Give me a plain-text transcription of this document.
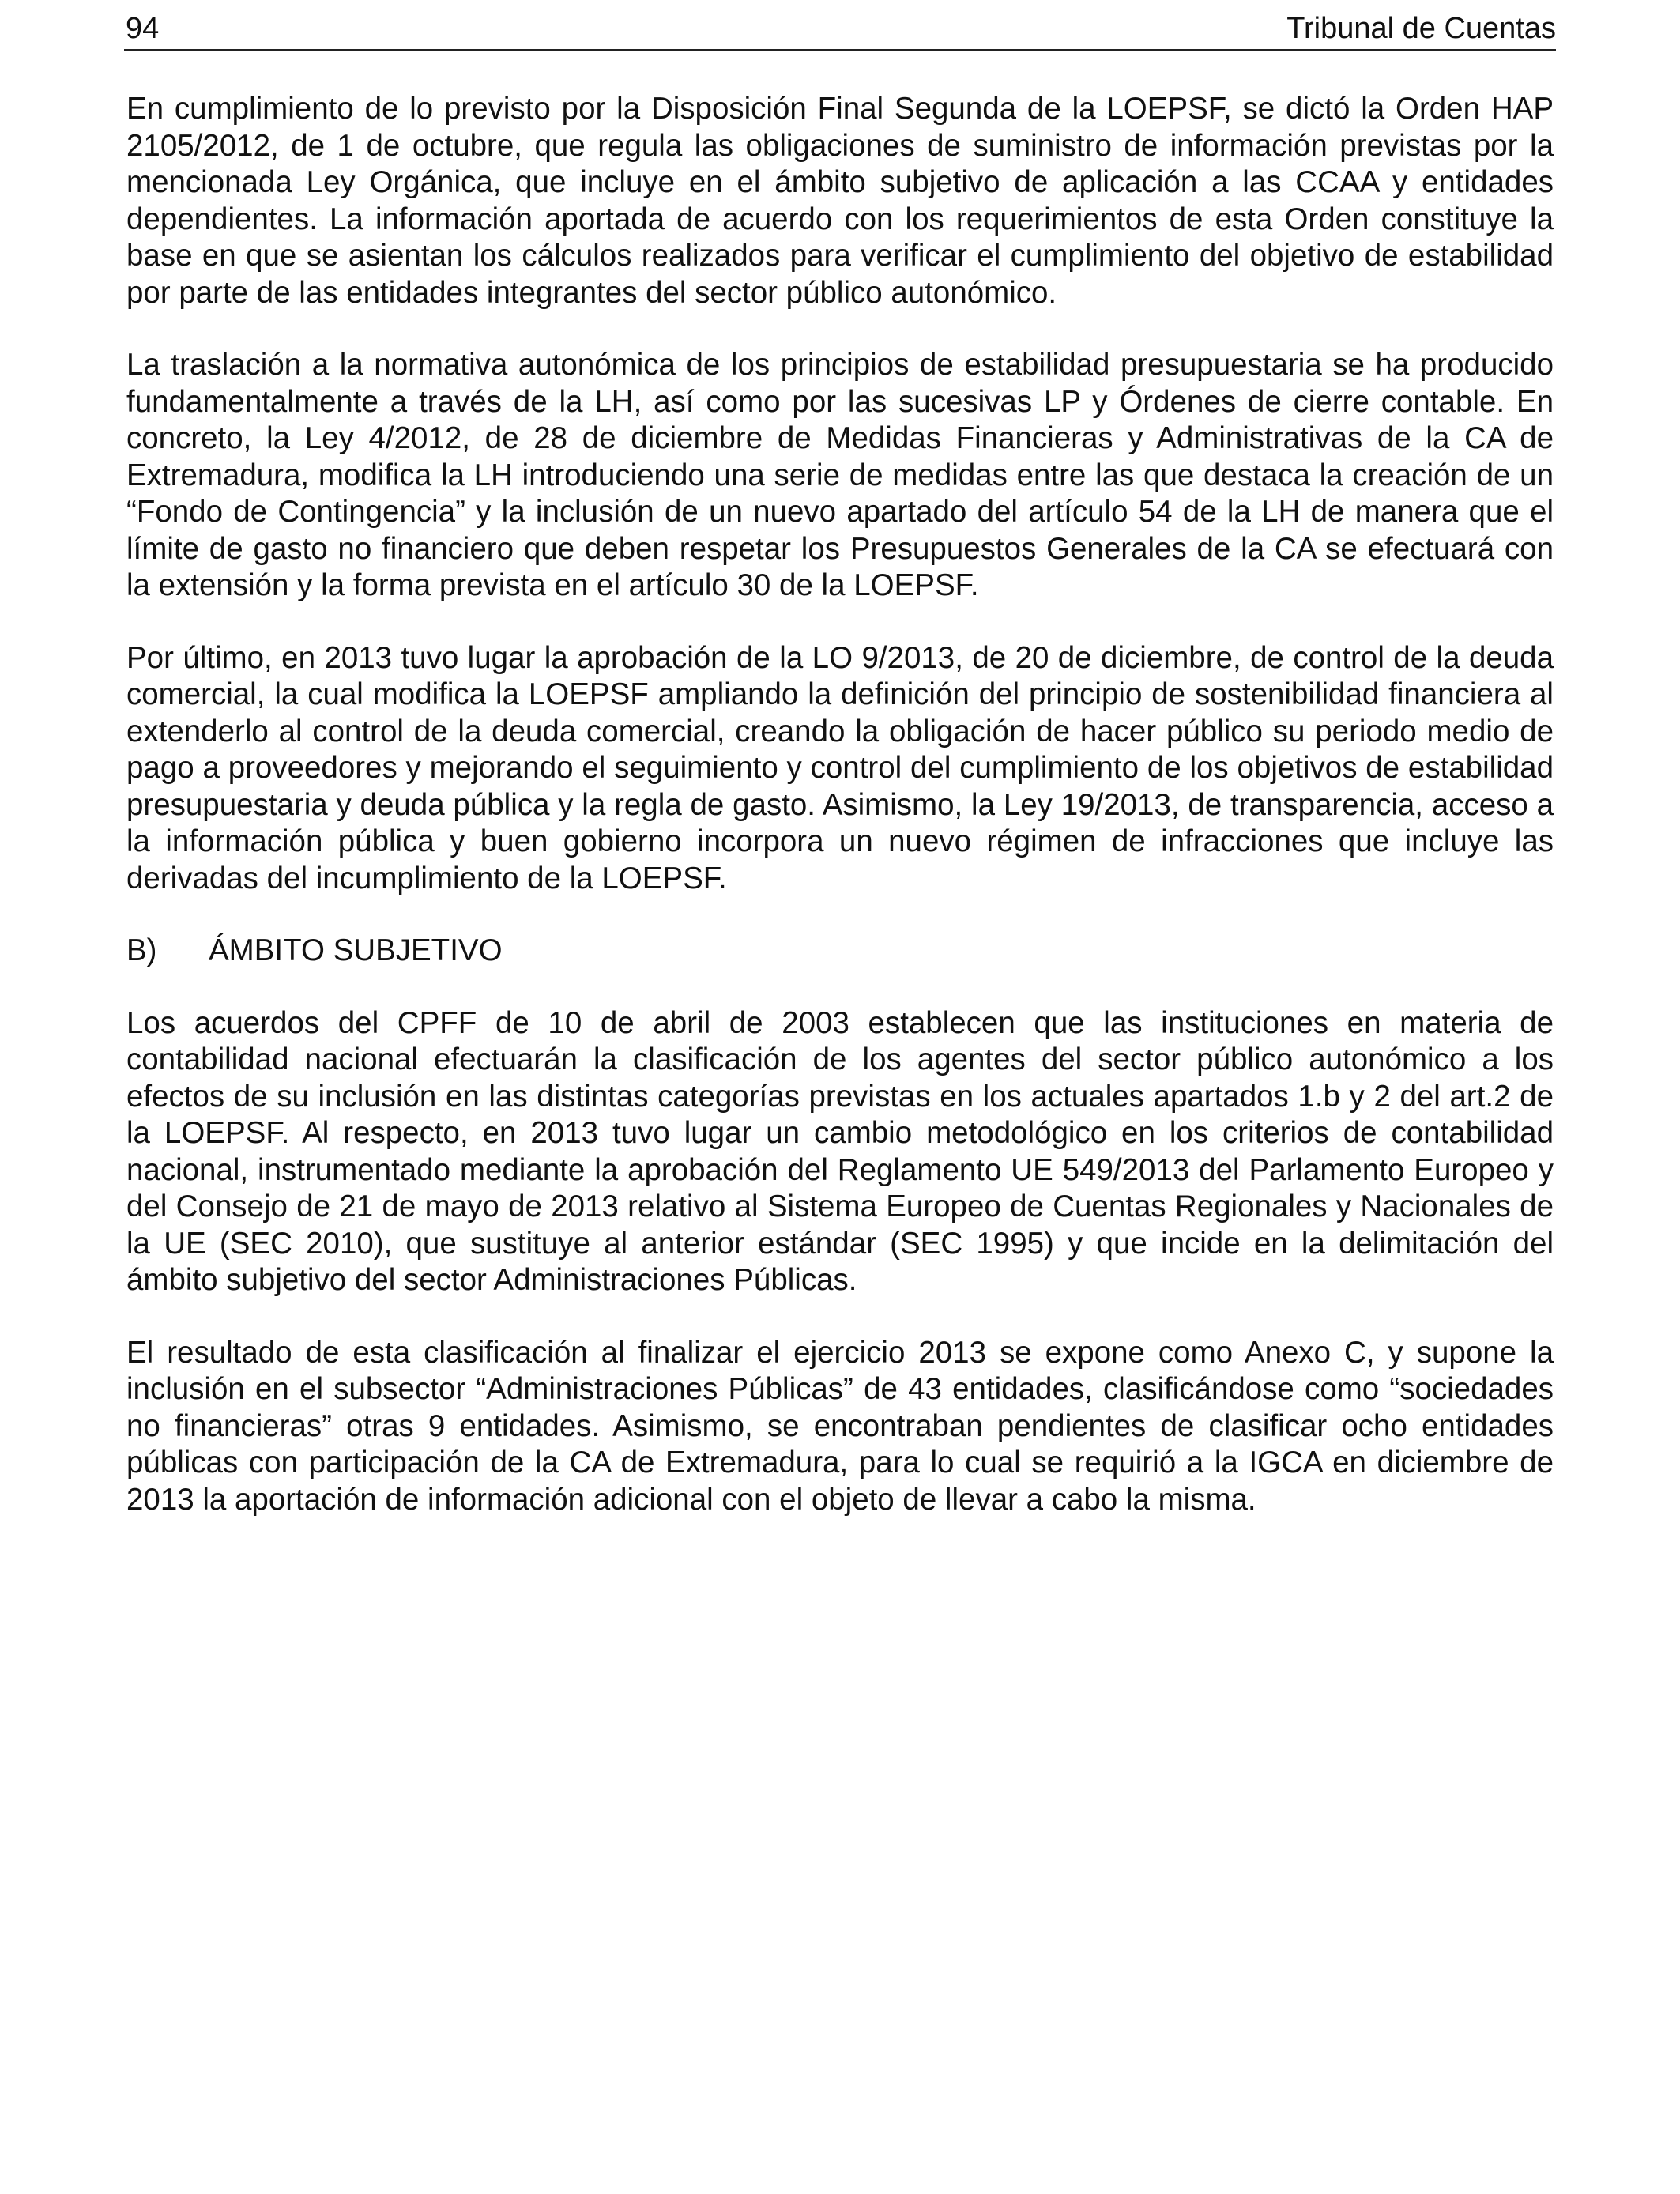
94	Tribunal de Cuentas

En cumplimiento de lo previsto por la Disposición Final Segunda de la LOEPSF, se dictó la Orden HAP 2105/2012, de 1 de octubre, que regula las obligaciones de suministro de información previstas por la mencionada Ley Orgánica, que incluye en el ámbito subjetivo de aplicación a las CCAA y entidades dependientes. La información aportada de acuerdo con los requerimientos de esta Orden constituye la base en que se asientan los cálculos realizados para verificar el cumplimiento del objetivo de estabilidad por parte de las entidades integrantes del sector público autonómico.

La traslación a la normativa autonómica de los principios de estabilidad presupuestaria se ha producido fundamentalmente a través de la LH, así como por las sucesivas LP y Órdenes de cierre contable. En concreto, la Ley 4/2012, de 28 de diciembre de Medidas Financieras y Administrativas de la CA de Extremadura, modifica la LH introduciendo una serie de medidas entre las que destaca la creación de un “Fondo de Contingencia” y la inclusión de un nuevo apartado del artículo 54 de la LH de manera que el límite de gasto no financiero que deben respetar los Presupuestos Generales de la CA se efectuará con la extensión y la forma prevista en el artículo 30 de la LOEPSF.

Por último, en 2013 tuvo lugar la aprobación de la LO 9/2013, de 20 de diciembre, de control de la deuda comercial, la cual modifica la LOEPSF ampliando la definición del principio de sostenibilidad financiera al extenderlo al control de la deuda comercial, creando la obligación de hacer público su periodo medio de pago a proveedores y mejorando el seguimiento y control del cumplimiento de los objetivos de estabilidad presupuestaria y deuda pública y la regla de gasto. Asimismo, la Ley 19/2013, de transparencia, acceso a la información pública y buen gobierno incorpora un nuevo régimen de infracciones que incluye las derivadas del incumplimiento de la LOEPSF.

B)	ÁMBITO SUBJETIVO

Los acuerdos del CPFF de 10 de abril de 2003 establecen que las instituciones en materia de contabilidad nacional efectuarán la clasificación de los agentes del sector público autonómico a los efectos de su inclusión en las distintas categorías previstas en los actuales apartados 1.b y 2 del art.2 de la LOEPSF. Al respecto, en 2013 tuvo lugar un cambio metodológico en los criterios de contabilidad nacional, instrumentado mediante la aprobación del Reglamento UE 549/2013 del Parlamento Europeo y del Consejo de 21 de mayo de 2013 relativo al Sistema Europeo de Cuentas Regionales y Nacionales de la UE (SEC 2010), que sustituye al anterior estándar (SEC 1995) y que incide en la delimitación del ámbito subjetivo del sector Administraciones Públicas.

El resultado de esta clasificación al finalizar el ejercicio 2013 se expone como Anexo C, y supone la inclusión en el subsector “Administraciones Públicas” de 43 entidades, clasificándose como “sociedades no financieras” otras 9 entidades. Asimismo, se encontraban pendientes de clasificar ocho entidades públicas con participación de la CA de Extremadura, para lo cual se requirió a la IGCA en diciembre de 2013 la aportación de información adicional con el objeto de llevar a cabo la misma.
